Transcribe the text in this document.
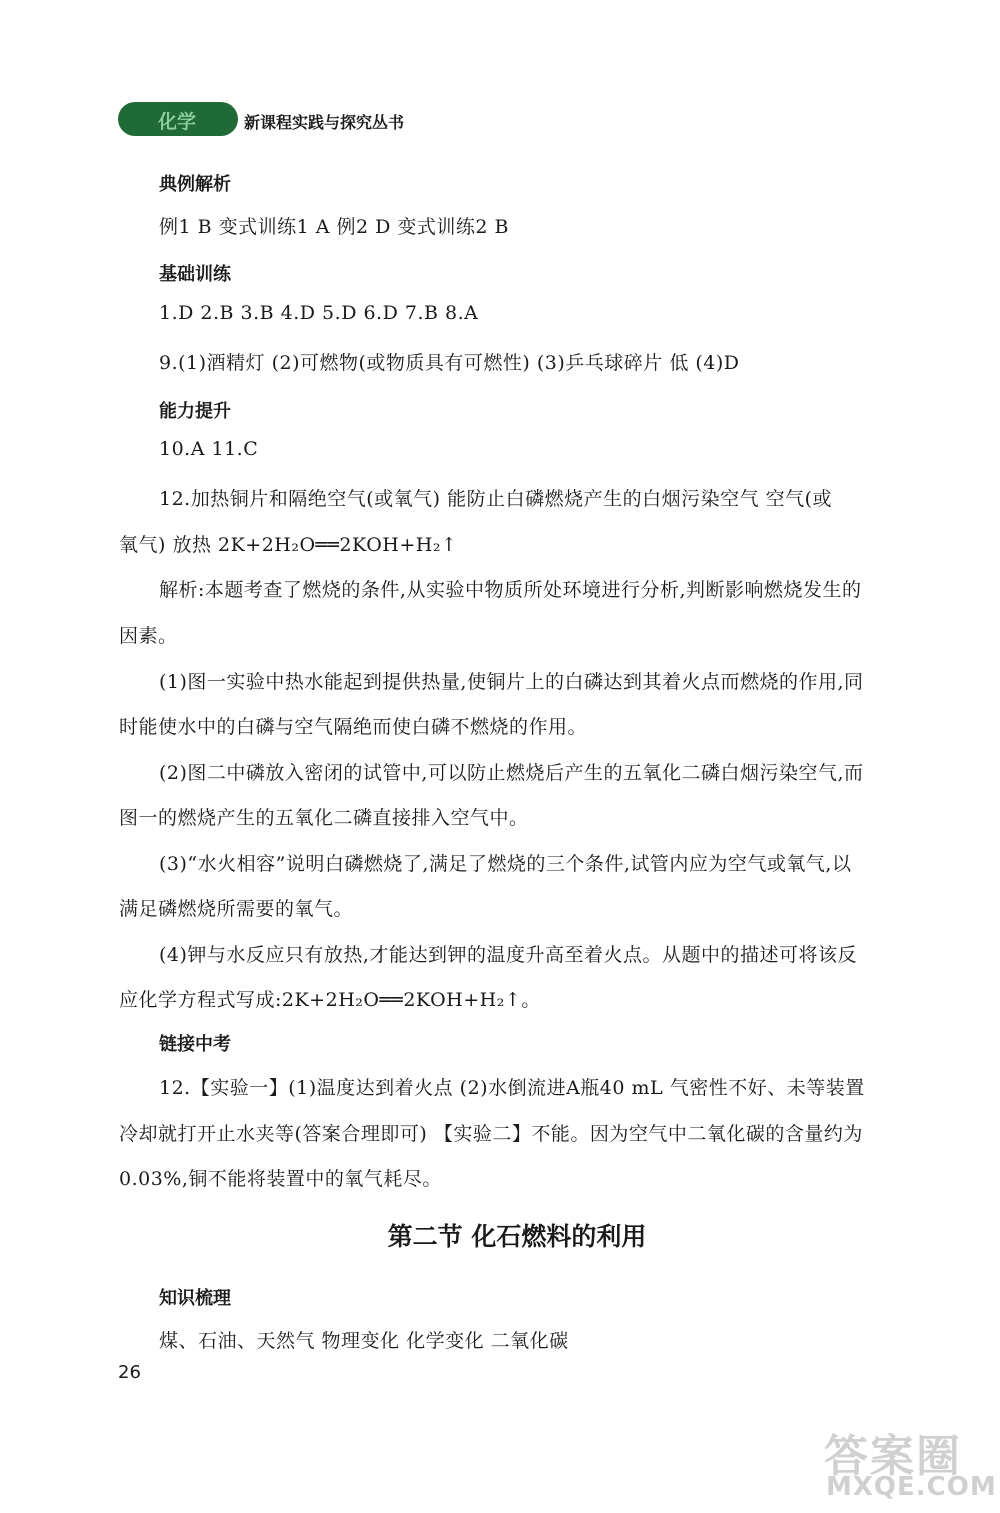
化学	新课程实践与探究丛书
典例解析
例1 B 变式训练1 A 例2 D 变式训练2 B
基础训练
1.D 2.B 3.B 4.D 5.D 6.D 7.B 8.A
9.(1)酒精灯 (2)可燃物(或物质具有可燃性) (3)乒乓球碎片 低 (4)D
能力提升
10.A 11.C
12.加热铜片和隔绝空气(或氧气) 能防止白磷燃烧产生的白烟污染空气 空气(或
氧气) 放热 2K+2H₂O══2KOH+H₂↑
解析:本题考查了燃烧的条件,从实验中物质所处环境进行分析,判断影响燃烧发生的
因素。
(1)图一实验中热水能起到提供热量,使铜片上的白磷达到其着火点而燃烧的作用,同
时能使水中的白磷与空气隔绝而使白磷不燃烧的作用。
(2)图二中磷放入密闭的试管中,可以防止燃烧后产生的五氧化二磷白烟污染空气,而
图一的燃烧产生的五氧化二磷直接排入空气中。
(3)“水火相容”说明白磷燃烧了,满足了燃烧的三个条件,试管内应为空气或氧气,以
满足磷燃烧所需要的氧气。
(4)钾与水反应只有放热,才能达到钾的温度升高至着火点。从题中的描述可将该反
应化学方程式写成:2K+2H₂O══2KOH+H₂↑。
链接中考
12.【实验一】(1)温度达到着火点 (2)水倒流进A瓶40 mL 气密性不好、未等装置
冷却就打开止水夹等(答案合理即可) 【实验二】不能。因为空气中二氧化碳的含量约为
0.03%,铜不能将装置中的氧气耗尽。
第二节 化石燃料的利用
知识梳理
煤、石油、天然气 物理变化 化学变化 二氧化碳
26
答案圈
MXQE.COM
